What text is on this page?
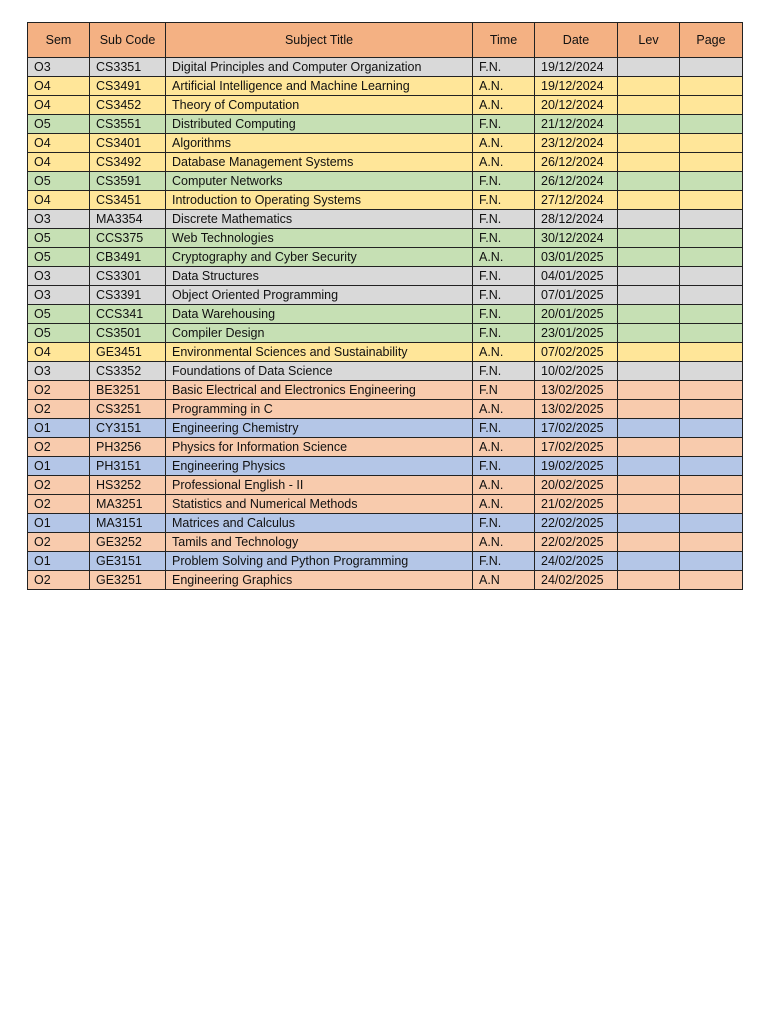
Sem	Sub Code	Subject Title	Time	Date	Lev	Page
O3	CS3351	Digital Principles and Computer Organization	F.N.	19/12/2024		
O4	CS3491	Artificial Intelligence and Machine Learning	A.N.	19/12/2024		
O4	CS3452	Theory of Computation	A.N.	20/12/2024		
O5	CS3551	Distributed Computing	F.N.	21/12/2024		
O4	CS3401	Algorithms	A.N.	23/12/2024		
O4	CS3492	Database Management Systems	A.N.	26/12/2024		
O5	CS3591	Computer Networks	F.N.	26/12/2024		
O4	CS3451	Introduction to Operating Systems	F.N.	27/12/2024		
O3	MA3354	Discrete Mathematics	F.N.	28/12/2024		
O5	CCS375	Web Technologies	F.N.	30/12/2024		
O5	CB3491	Cryptography and Cyber Security	A.N.	03/01/2025		
O3	CS3301	Data Structures	F.N.	04/01/2025		
O3	CS3391	Object Oriented Programming	F.N.	07/01/2025		
O5	CCS341	Data Warehousing	F.N.	20/01/2025		
O5	CS3501	Compiler Design	F.N.	23/01/2025		
O4	GE3451	Environmental Sciences and Sustainability	A.N.	07/02/2025		
O3	CS3352	Foundations of Data Science	F.N.	10/02/2025		
O2	BE3251	Basic Electrical and Electronics Engineering	F.N	13/02/2025		
O2	CS3251	Programming in C	A.N.	13/02/2025		
O1	CY3151	Engineering Chemistry	F.N.	17/02/2025		
O2	PH3256	Physics for Information Science	A.N.	17/02/2025		
O1	PH3151	Engineering Physics	F.N.	19/02/2025		
O2	HS3252	Professional English - II	A.N.	20/02/2025		
O2	MA3251	Statistics and Numerical Methods	A.N.	21/02/2025		
O1	MA3151	Matrices and Calculus	F.N.	22/02/2025		
O2	GE3252	Tamils and Technology	A.N.	22/02/2025		
O1	GE3151	Problem Solving and Python Programming	F.N.	24/02/2025		
O2	GE3251	Engineering Graphics	A.N	24/02/2025		
